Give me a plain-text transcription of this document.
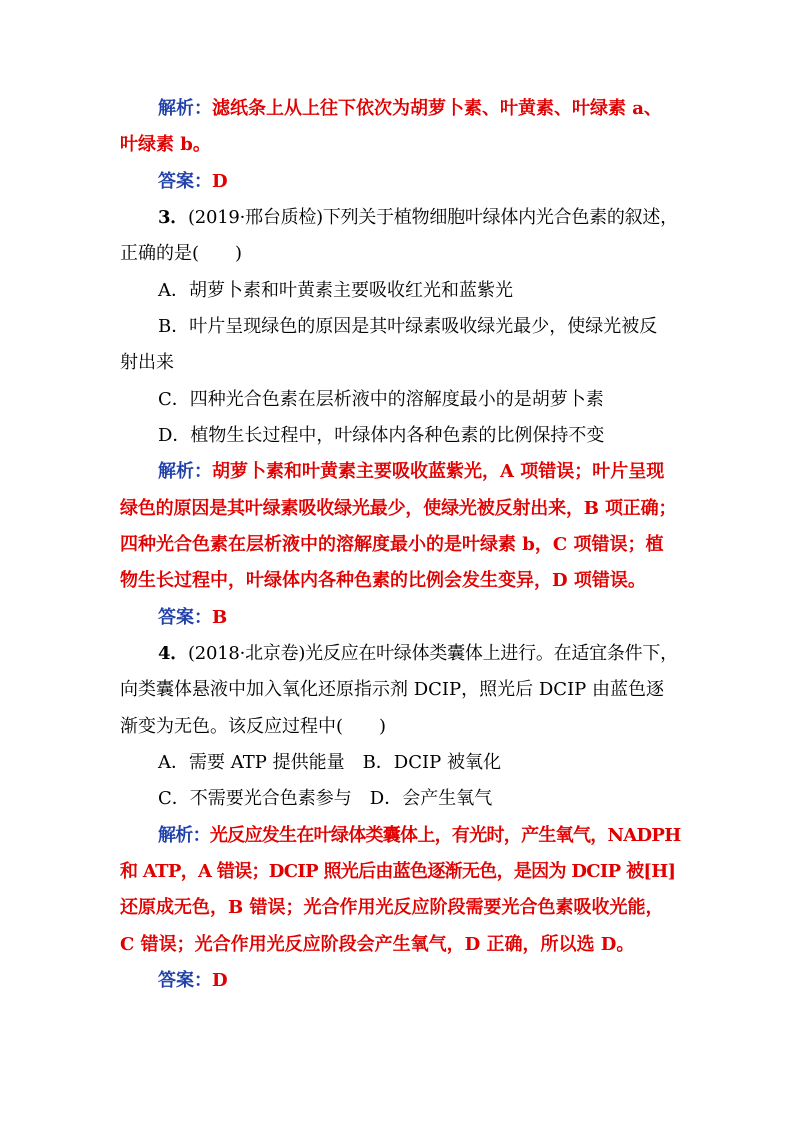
解析：滤纸条上从上往下依次为胡萝卜素、叶黄素、叶绿素 a、
叶绿素 b。
答案：D
3．(2019·邢台质检)下列关于植物细胞叶绿体内光合色素的叙述，
正确的是(　　)
A．胡萝卜素和叶黄素主要吸收红光和蓝紫光
B．叶片呈现绿色的原因是其叶绿素吸收绿光最少，使绿光被反
射出来
C．四种光合色素在层析液中的溶解度最小的是胡萝卜素
D．植物生长过程中，叶绿体内各种色素的比例保持不变
解析：胡萝卜素和叶黄素主要吸收蓝紫光，A 项错误；叶片呈现
绿色的原因是其叶绿素吸收绿光最少，使绿光被反射出来，B 项正确；
四种光合色素在层析液中的溶解度最小的是叶绿素 b，C 项错误；植
物生长过程中，叶绿体内各种色素的比例会发生变异，D 项错误。
答案：B
4．(2018·北京卷)光反应在叶绿体类囊体上进行。在适宜条件下，
向类囊体悬液中加入氧化还原指示剂 DCIP，照光后 DCIP 由蓝色逐
渐变为无色。该反应过程中(　　)
A．需要 ATP 提供能量　B．DCIP 被氧化
C．不需要光合色素参与　D．会产生氧气
解析：光反应发生在叶绿体类囊体上，有光时，产生氧气，NADPH
和 ATP，A 错误；DCIP 照光后由蓝色逐渐无色，是因为 DCIP 被[H]
还原成无色，B 错误；光合作用光反应阶段需要光合色素吸收光能，
C 错误；光合作用光反应阶段会产生氧气，D 正确，所以选 D。
答案：D
